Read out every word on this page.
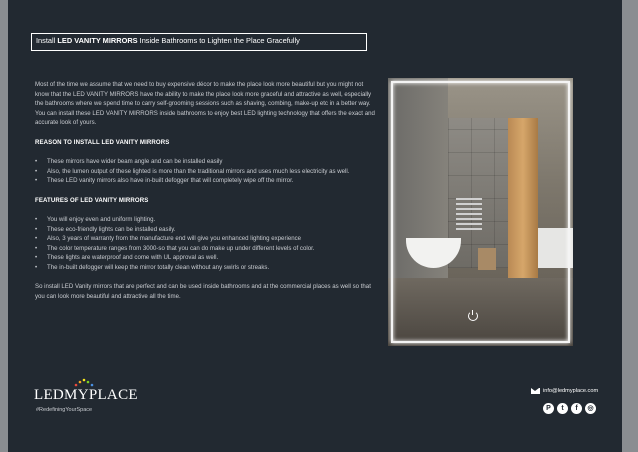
Install LED VANITY MIRRORS Inside Bathrooms to Lighten the Place Gracefully

Most of the time we assume that we need to buy expensive décor to make the place look more beautiful but you might not know that the LED VANITY MIRRORS have the ability to make the place look more graceful and attractive as well, especially the bathrooms where we spend time to carry self-grooming sessions such as shaving, combing, make-up etc in a better way. You can install these LED VANITY MIRRORS inside bathrooms to enjoy best LED lighting technology that offers the exact and accurate look of yours.

REASON TO INSTALL LED VANITY MIRRORS
• These mirrors have wider beam angle and can be installed easily
• Also, the lumen output of these lighted is more than the traditional mirrors and uses much less electricity as well.
• These LED vanity mirrors also have in-built defogger that will completely wipe off the mirror.
FEATURES OF LED VANITY MIRRORS
• You will enjoy even and uniform lighting.
• These eco-friendly lights can be installed easily.
• Also, 3 years of warranty from the manufacture end will give you enhanced lighting experience
• The color temperature ranges from 3000-so that you can do make up under different levels of color.
• These lights are waterproof and come with UL approval as well.
• The in-built defogger will keep the mirror totally clean without any swirls or streaks.

So install LED Vanity mirrors that are perfect and can be used inside bathrooms and at the commercial places as well so that you can look more beautiful and attractive all the time.

LEDMYPLACE
#RedefiningYourSpace
info@ledmyplace.com
P	t	f	◎
